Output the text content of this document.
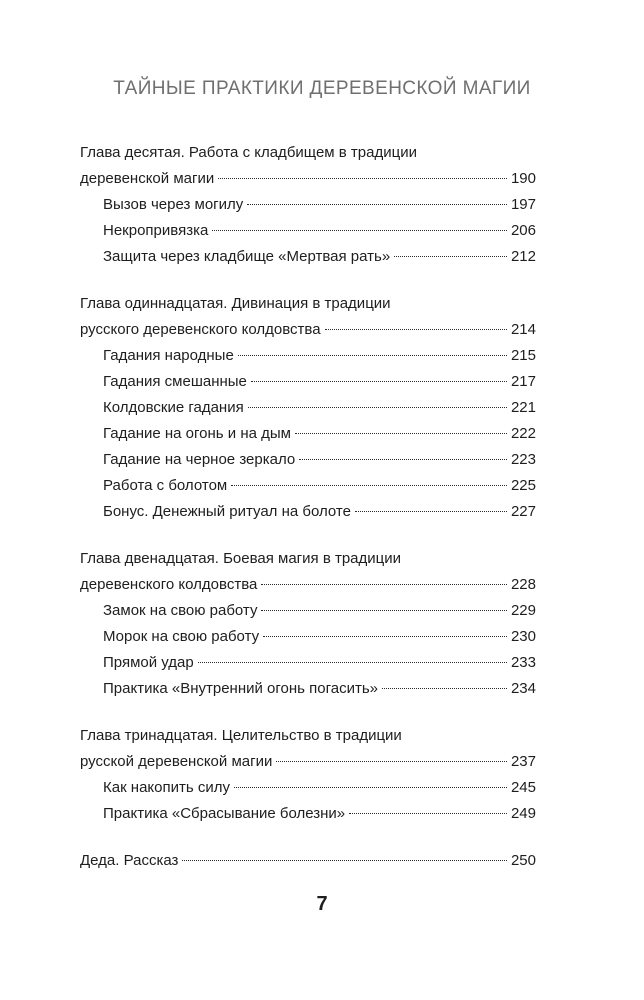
ТАЙНЫЕ ПРАКТИКИ ДЕРЕВЕНСКОЙ МАГИИ
Глава десятая. Работа с кладбищем в традиции
деревенской магии	190
Вызов через могилу	197
Некропривязка	206
Защита через кладбище «Мертвая рать»	212
Глава одиннадцатая. Дивинация в традиции
русского деревенского колдовства	214
Гадания народные	215
Гадания смешанные	217
Колдовские гадания	221
Гадание на огонь и на дым	222
Гадание на черное зеркало	223
Работа с болотом	225
Бонус. Денежный ритуал на болоте	227
Глава двенадцатая. Боевая магия в традиции
деревенского колдовства	228
Замок на свою работу	229
Морок на свою работу	230
Прямой удар	233
Практика «Внутренний огонь погасить»	234
Глава тринадцатая. Целительство в традиции
русской деревенской магии	237
Как накопить силу	245
Практика «Сбрасывание болезни»	249
Деда. Рассказ	250
7
